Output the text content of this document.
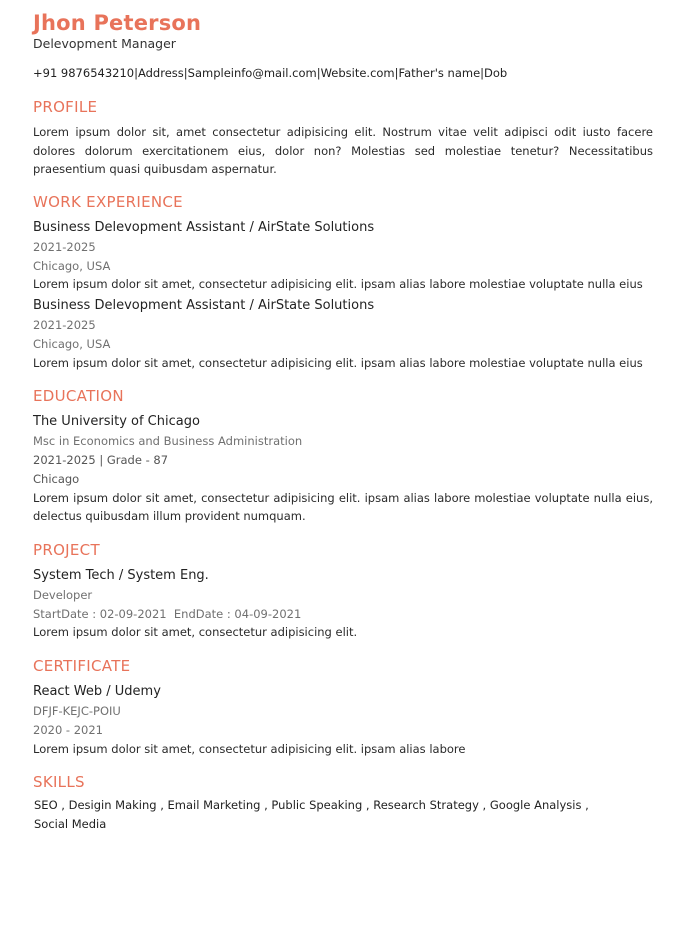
Jhon Peterson
Delevopment Manager
+91 9876543210|Address|Sampleinfo@mail.com|Website.com|Father's name|Dob
PROFILE
Lorem ipsum dolor sit, amet consectetur adipisicing elit. Nostrum vitae velit adipisci odit iusto facere dolores dolorum exercitationem eius, dolor non? Molestias sed molestiae tenetur? Necessitatibus praesentium quasi quibusdam aspernatur.
WORK EXPERIENCE
Business Delevopment Assistant / AirState Solutions
2021-2025
Chicago, USA
Lorem ipsum dolor sit amet, consectetur adipisicing elit. ipsam alias labore molestiae voluptate nulla eius
Business Delevopment Assistant / AirState Solutions
2021-2025
Chicago, USA
Lorem ipsum dolor sit amet, consectetur adipisicing elit. ipsam alias labore molestiae voluptate nulla eius
EDUCATION
The University of Chicago
Msc in Economics and Business Administration
2021-2025 | Grade - 87
Chicago
Lorem ipsum dolor sit amet, consectetur adipisicing elit. ipsam alias labore molestiae voluptate nulla eius, delectus quibusdam illum provident numquam.
PROJECT
System Tech / System Eng.
Developer
StartDate : 02-09-2021  EndDate : 04-09-2021
Lorem ipsum dolor sit amet, consectetur adipisicing elit.
CERTIFICATE
React Web / Udemy
DFJF-KEJC-POIU
2020 - 2021
Lorem ipsum dolor sit amet, consectetur adipisicing elit. ipsam alias labore
SKILLS
SEO , Desigin Making , Email Marketing , Public Speaking , Research Strategy , Google Analysis ,
Social Media
